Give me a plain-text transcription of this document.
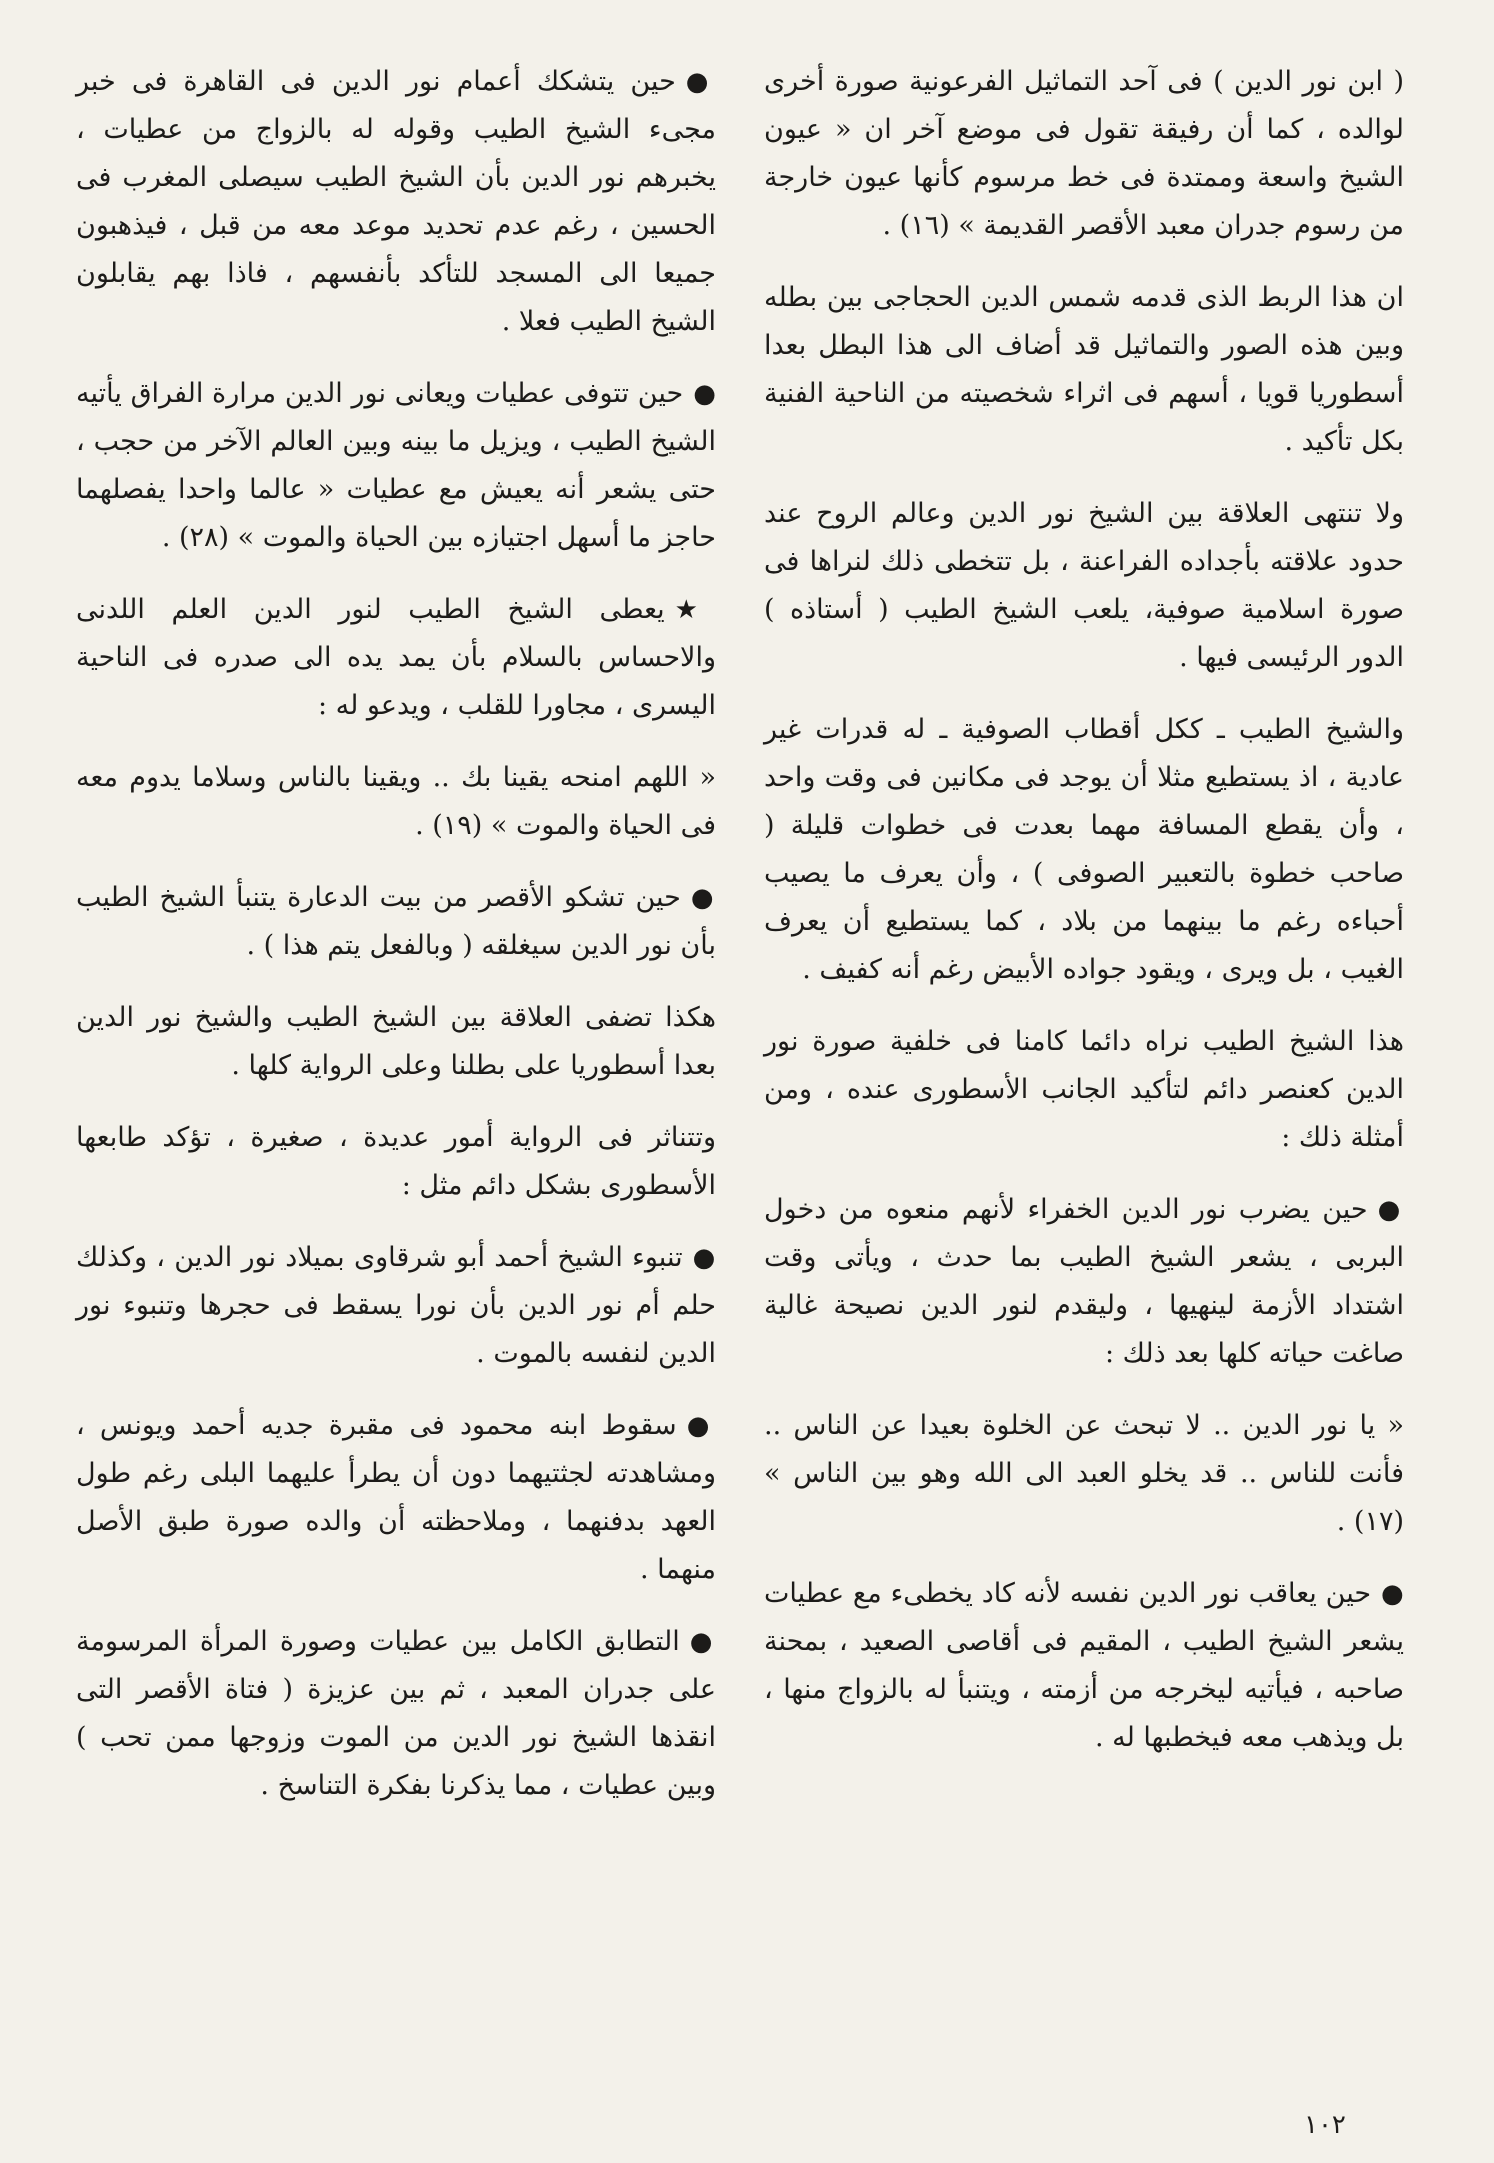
( ابن نور الدين ) فى آحد التماثيل الفرعونية صورة أخرى لوالده ، كما أن رفيقة تقول فى موضع آخر ان « عيون الشيخ واسعة وممتدة فى خط مرسوم كأنها عيون خارجة من رسوم جدران معبد الأقصر القديمة » (١٦) .

ان هذا الربط الذى قدمه شمس الدين الحجاجى بين بطله وبين هذه الصور والتماثيل قد أضاف الى هذا البطل بعدا أسطوريا قويا ، أسهم فى اثراء شخصيته من الناحية الفنية بكل تأكيد .

ولا تنتهى العلاقة بين الشيخ نور الدين وعالم الروح عند حدود علاقته بأجداده الفراعنة ، بل تتخطى ذلك لنراها فى صورة اسلامية صوفية، يلعب الشيخ الطيب ( أستاذه ) الدور الرئيسى فيها .

والشيخ الطيب ـ ككل أقطاب الصوفية ـ له قدرات غير عادية ، اذ يستطيع مثلا أن يوجد فى مكانين فى وقت واحد ، وأن يقطع المسافة مهما بعدت فى خطوات قليلة ( صاحب خطوة بالتعبير الصوفى ) ، وأن يعرف ما يصيب أحباءه رغم ما بينهما من بلاد ، كما يستطيع أن يعرف الغيب ، بل ويرى ، ويقود جواده الأبيض رغم أنه كفيف .

هذا الشيخ الطيب نراه دائما كامنا فى خلفية صورة نور الدين كعنصر دائم لتأكيد الجانب الأسطورى عنده ، ومن أمثلة ذلك :

●حين يضرب نور الدين الخفراء لأنهم منعوه من دخول البربى ، يشعر الشيخ الطيب بما حدث ، ويأتى وقت اشتداد الأزمة لينهيها ، وليقدم لنور الدين نصيحة غالية صاغت حياته كلها بعد ذلك :

« يا نور الدين .. لا تبحث عن الخلوة بعيدا عن الناس .. فأنت للناس .. قد يخلو العبد الى الله وهو بين الناس » (١٧) .

●حين يعاقب نور الدين نفسه لأنه كاد يخطىء مع عطيات يشعر الشيخ الطيب ، المقيم فى أقاصى الصعيد ، بمحنة صاحبه ، فيأتيه ليخرجه من أزمته ، ويتنبأ له بالزواج منها ، بل ويذهب معه فيخطبها له .

●حين يتشكك أعمام نور الدين فى القاهرة فى خبر مجىء الشيخ الطيب وقوله له بالزواج من عطيات ، يخبرهم نور الدين بأن الشيخ الطيب سيصلى المغرب فى الحسين ، رغم عدم تحديد موعد معه من قبل ، فيذهبون جميعا الى المسجد للتأكد بأنفسهم ، فاذا بهم يقابلون الشيخ الطيب فعلا .

●حين تتوفى عطيات ويعانى نور الدين مرارة الفراق يأتيه الشيخ الطيب ، ويزيل ما بينه وبين العالم الآخر من حجب ، حتى يشعر أنه يعيش مع عطيات « عالما واحدا يفصلهما حاجز ما أسهل اجتيازه بين الحياة والموت » (٢٨) .

★يعطى الشيخ الطيب لنور الدين العلم اللدنى والاحساس بالسلام بأن يمد يده الى صدره فى الناحية اليسرى ، مجاورا للقلب ، ويدعو له :

« اللهم امنحه يقينا بك .. ويقينا بالناس وسلاما يدوم معه فى الحياة والموت » (١٩) .

●حين تشكو الأقصر من بيت الدعارة يتنبأ الشيخ الطيب بأن نور الدين سيغلقه ( وبالفعل يتم هذا ) .

هكذا تضفى العلاقة بين الشيخ الطيب والشيخ نور الدين بعدا أسطوريا على بطلنا وعلى الرواية كلها .

وتتناثر فى الرواية أمور عديدة ، صغيرة ، تؤكد طابعها الأسطورى بشكل دائم مثل :

●تنبوء الشيخ أحمد أبو شرقاوى بميلاد نور الدين ، وكذلك حلم أم نور الدين بأن نورا يسقط فى حجرها وتنبوء نور الدين لنفسه بالموت .

●سقوط ابنه محمود فى مقبرة جديه أحمد ويونس ، ومشاهدته لجثتيهما دون أن يطرأ عليهما البلى رغم طول العهد بدفنهما ، وملاحظته أن والده صورة طبق الأصل منهما .

●التطابق الكامل بين عطيات وصورة المرأة المرسومة على جدران المعبد ، ثم بين عزيزة ( فتاة الأقصر التى انقذها الشيخ نور الدين من الموت وزوجها ممن تحب ) وبين عطيات ، مما يذكرنا بفكرة التناسخ .

١٠٢
